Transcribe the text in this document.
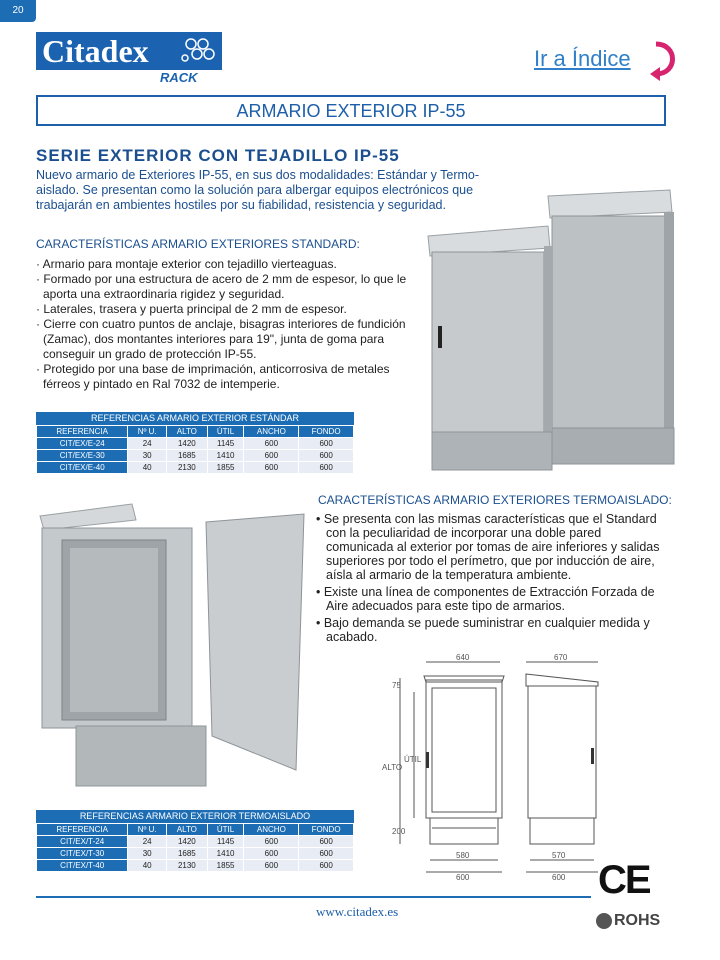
20
Citadex
RACK
Ir a Índice
ARMARIO EXTERIOR IP-55
SERIE EXTERIOR CON TEJADILLO IP-55
Nuevo armario de Exteriores IP-55, en sus dos modalidades: Estándar y Termo-aislado. Se presentan como la solución para albergar equipos electrónicos que trabajarán en ambientes hostiles por su fiabilidad, resistencia y seguridad.
CARACTERÍSTICAS ARMARIO EXTERIORES STANDARD:
· Armario para montaje exterior con tejadillo vierteaguas.
· Formado por una estructura de acero de 2 mm de espesor, lo que le aporta una extraordinaria rigidez y seguridad.
· Laterales, trasera y puerta principal de 2 mm de espesor.
· Cierre con cuatro puntos de anclaje, bisagras interiores de fundición (Zamac), dos montantes interiores para 19", junta de goma para conseguir un grado de protección IP-55.
· Protegido por una base de imprimación, anticorrosiva de metales férreos y pintado en Ral 7032 de intemperie.
REFERENCIAS ARMARIO EXTERIOR ESTÁNDAR
REFERENCIA	Nº U.	ALTO	ÚTIL	ANCHO	FONDO
CIT/EX/E-24	24	1420	1145	600	600
CIT/EX/E-30	30	1685	1410	600	600
CIT/EX/E-40	40	2130	1855	600	600
CARACTERÍSTICAS ARMARIO EXTERIORES TERMOAISLADO:
• Se presenta con las mismas características que el Standard con la peculiaridad de incorporar una doble pared comunicada al exterior por tomas de aire inferiores y salidas superiores por todo el perímetro, que por inducción de aire, aísla al armario de la temperatura ambiente.
• Existe una línea de componentes de Extracción Forzada de Aire adecuados para este tipo de armarios.
• Bajo demanda se puede suministrar en cualquier medida y acabado.
640	670
75
ALTO
ÚTIL
200
580	570
600	600
REFERENCIAS ARMARIO EXTERIOR TERMOAISLADO
REFERENCIA	Nº U.	ALTO	ÚTIL	ANCHO	FONDO
CIT/EX/T-24	24	1420	1145	600	600
CIT/EX/T-30	30	1685	1410	600	600
CIT/EX/T-40	40	2130	1855	600	600	CE
www.citadex.es
ROHS
